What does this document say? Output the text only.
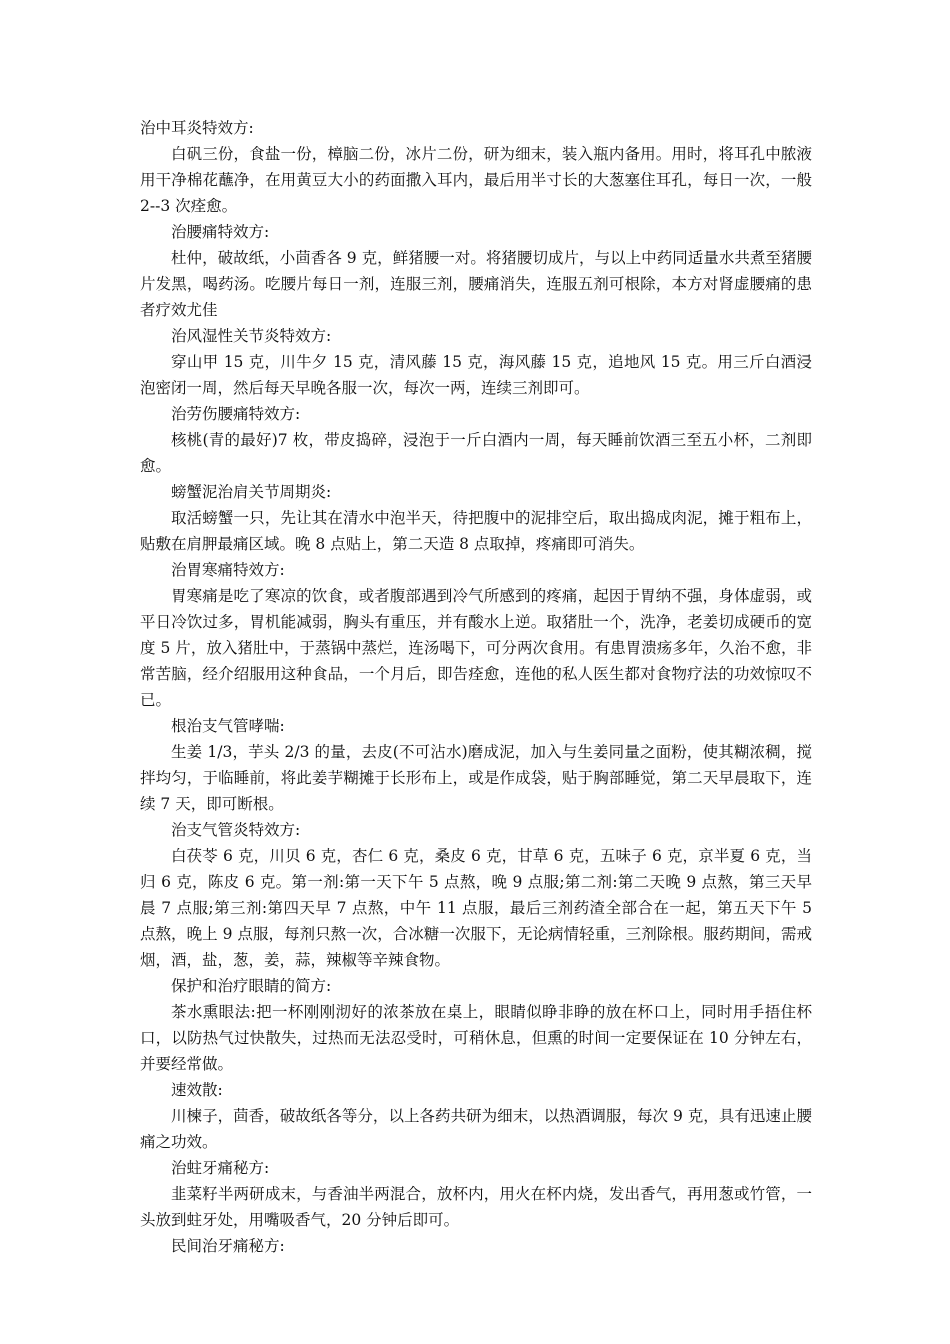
治中耳炎特效方:
白矾三份，食盐一份，樟脑二份，冰片二份，研为细末，装入瓶内备用。用时，将耳孔中脓液用干净棉花蘸净，在用黄豆大小的药面撒入耳内，最后用半寸长的大葱塞住耳孔，每日一次，一般 2--3 次痊愈。
治腰痛特效方:
杜仲，破故纸，小茴香各 9 克，鲜猪腰一对。将猪腰切成片，与以上中药同适量水共煮至猪腰片发黑，喝药汤。吃腰片每日一剂，连服三剂，腰痛消失，连服五剂可根除，本方对肾虚腰痛的患者疗效尤佳
治风湿性关节炎特效方:
穿山甲 15 克，川牛夕 15 克，清风藤 15 克，海风藤 15 克，追地风 15 克。用三斤白酒浸泡密闭一周，然后每天早晚各服一次，每次一两，连续三剂即可。
治劳伤腰痛特效方:
核桃(青的最好)7 枚，带皮捣碎，浸泡于一斤白酒内一周，每天睡前饮酒三至五小杯，二剂即愈。
螃蟹泥治肩关节周期炎:
取活螃蟹一只，先让其在清水中泡半天，待把腹中的泥排空后，取出捣成肉泥，摊于粗布上，贴敷在肩胛最痛区域。晚 8 点贴上，第二天造 8 点取掉，疼痛即可消失。
治胃寒痛特效方:
胃寒痛是吃了寒凉的饮食，或者腹部遇到冷气所感到的疼痛，起因于胃纳不强，身体虚弱，或平日冷饮过多，胃机能减弱，胸头有重压，并有酸水上逆。取猪肚一个，洗净，老姜切成硬币的宽度 5 片，放入猪肚中，于蒸锅中蒸烂，连汤喝下，可分两次食用。有患胃溃疡多年，久治不愈，非常苦脑，经介绍服用这种食品，一个月后，即告痊愈，连他的私人医生都对食物疗法的功效惊叹不已。
根治支气管哮喘:
生姜 1/3，芋头 2/3 的量，去皮(不可沾水)磨成泥，加入与生姜同量之面粉，使其糊浓稠，搅拌均匀，于临睡前，将此姜芋糊摊于长形布上，或是作成袋，贴于胸部睡觉，第二天早晨取下，连续 7 天，即可断根。
治支气管炎特效方:
白茯苓 6 克，川贝 6 克，杏仁 6 克，桑皮 6 克，甘草 6 克，五味子 6 克，京半夏 6 克，当归 6 克，陈皮 6 克。第一剂:第一天下午 5 点熬，晚 9 点服;第二剂:第二天晚 9 点熬，第三天早晨 7 点服;第三剂:第四天早 7 点熬，中午 11 点服，最后三剂药渣全部合在一起，第五天下午 5 点熬，晚上 9 点服，每剂只熬一次，合冰糖一次服下，无论病情轻重，三剂除根。服药期间，需戒烟，酒，盐，葱，姜，蒜，辣椒等辛辣食物。
保护和治疗眼睛的简方:
茶水熏眼法:把一杯刚刚沏好的浓茶放在桌上，眼睛似睁非睁的放在杯口上，同时用手捂住杯口，以防热气过快散失，过热而无法忍受时，可稍休息，但熏的时间一定要保证在 10 分钟左右，并要经常做。
速效散:
川楝子，茴香，破故纸各等分，以上各药共研为细末，以热酒调服，每次 9 克，具有迅速止腰痛之功效。
治蛀牙痛秘方:
韭菜籽半两研成末，与香油半两混合，放杯内，用火在杯内烧，发出香气，再用葱或竹管，一头放到蛀牙处，用嘴吸香气，20 分钟后即可。
民间治牙痛秘方:
